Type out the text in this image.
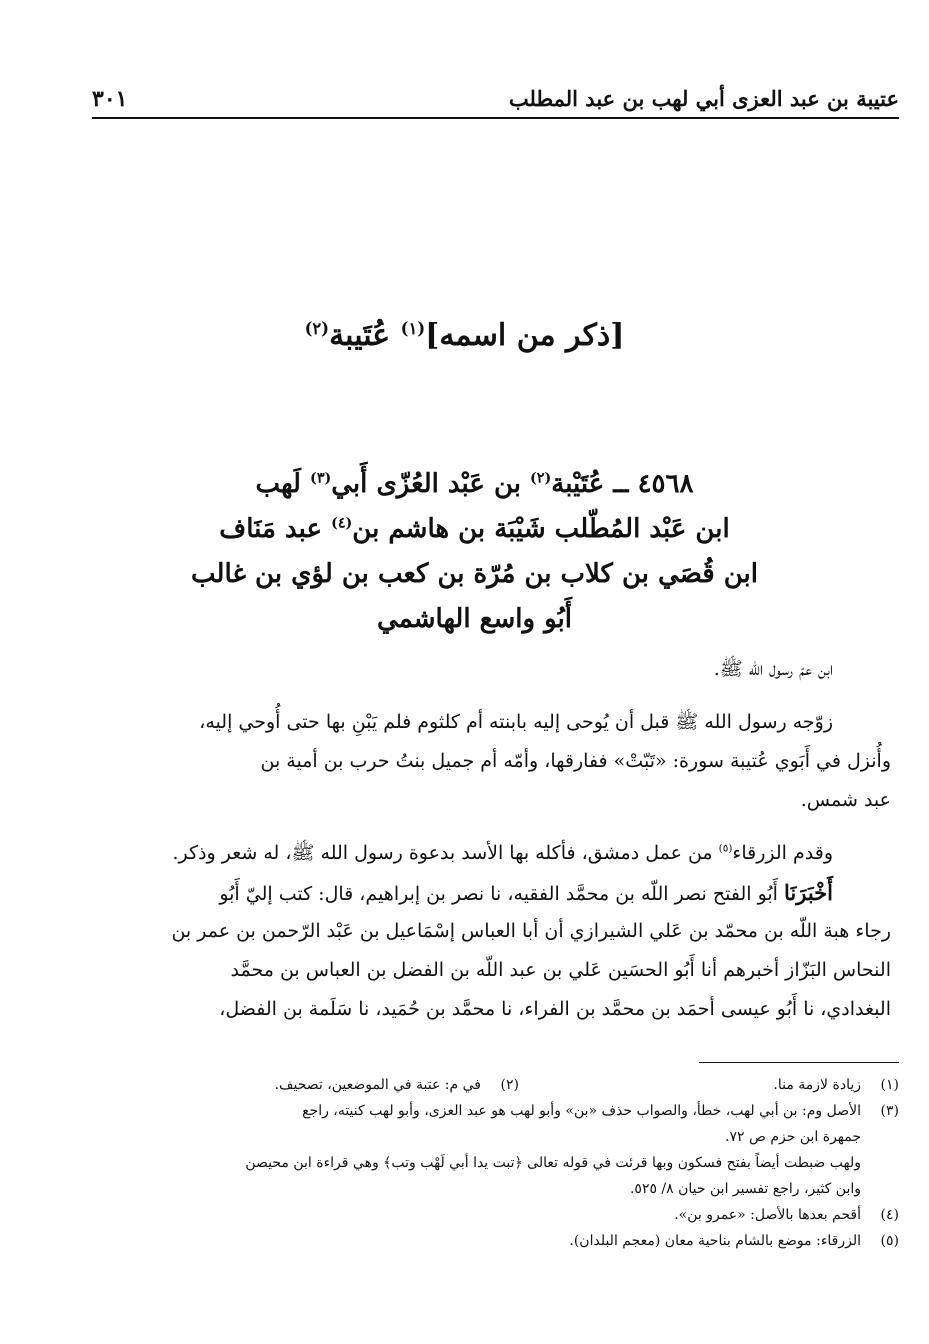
عتيبة بن عبد العزى أبي لهب بن عبد المطلب
٣٠١
[ذكر من اسمه]$^{(١)}$ عُتَيبة$^{(٢)}$
٤٥٦٨ ــ عُتَيْبة$^{(٢)}$ بن عَبْد العُزّى أَبي$^{(٣)}$ لَهب
ابن عَبْد المُطّلب شَيْبَة بن هاشم بن$^{(٤)}$ عبد مَنَاف
ابن قُصَي بن كلاب بن مُرّة بن كعب بن لؤي بن غالب
أَبُو واسع الهاشمي
ابن عمّ رسول الله ﷺ.
زوّجه رسول الله ﷺ قبل أن يُوحى إليه بابنته أم كلثوم فلم يَبْنِ بها حتى أُوحي إليه،
وأُنزل في أَبَوي عُتيبة سورة: «تَبّتْ» ففارقها، وأمّه أم جميل بنتُ حرب بن أمية بن
عبد شمس.
وقدم الزرقاء$^{(٥)}$ من عمل دمشق، فأكله بها الأسد بدعوة رسول الله ﷺ، له شعر وذكر.
أَخْبَرَنَا أَبُو الفتح نصر اللّه بن محمَّد الفقيه، نا نصر بن إبراهيم، قال: كتب إليّ أَبُو
رجاء هبة اللّه بن محمّد بن عَلي الشيرازي أن أبا العباس إسْمَاعيل بن عَبْد الرّحمن بن عمر بن
النحاس البَزّاز أخبرهم أنا أَبُو الحسَين عَلي بن عبد اللّه بن الفضل بن العباس بن محمَّد
البغدادي، نا أَبُو عيسى أحمَد بن محمَّد بن الفراء، نا محمَّد بن حُمَيد، نا سَلَمة بن الفضل،
(١)زيادة لازمة منا.
(٢)في م: عتبة في الموضعين، تصحيف.
(٣)الأصل وم: بن أبي لهب، خطأ، والصواب حذف «بن» وأبو لهب هو عبد العزى، وأبو لهب كنيته، راجع
جمهرة ابن حزم ص ٧٢.
ولهب ضبطت أيضاً بفتح فسكون وبها قرئت في قوله تعالى ﴿تبت يدا أبي لَهْب وتب﴾ وهي قراءة ابن محيصن
وابن كثير، راجع تفسير ابن حيان ٨/ ٥٢٥.
(٤)أقحم بعدها بالأصل: «عمرو بن».
(٥)الزرقاء: موضع بالشام بناحية معان (معجم البلدان).
